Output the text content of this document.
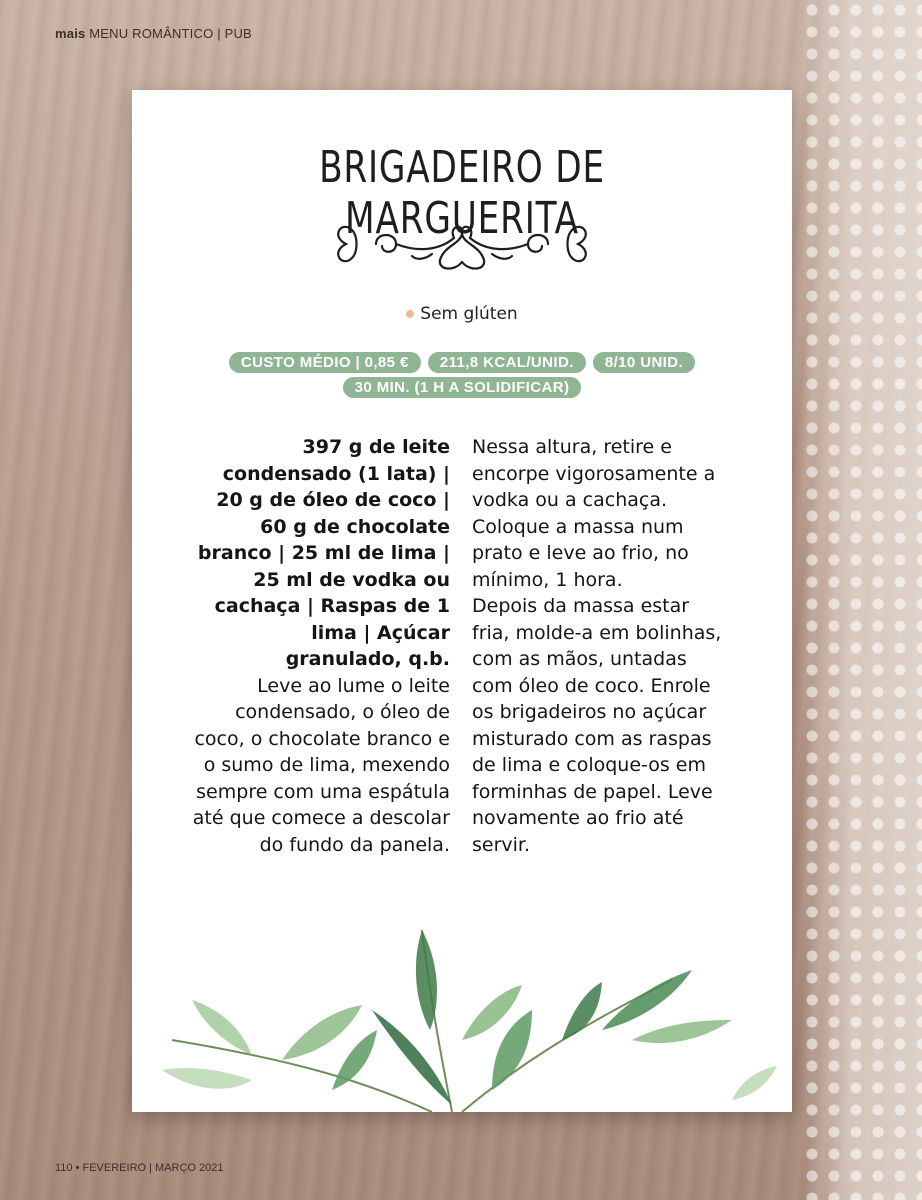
mais MENU ROMÂNTICO | PUB
BRIGADEIRO DE MARGUERITA
Sem glúten
CUSTO MÉDIO | 0,85 € 211,8 KCAL/UNID. 8/10 UNID.
30 MIN. (1 H A SOLIDIFICAR)

397 g de leite condensado (1 lata) | 20 g de óleo de coco | 60 g de chocolate branco | 25 ml de lima | 25 ml de vodka ou cachaça | Raspas de 1 lima | Açúcar granulado, q.b.

Leve ao lume o leite condensado, o óleo de coco, o chocolate branco e o sumo de lima, mexendo sempre com uma espátula até que comece a descolar do fundo da panela.

Nessa altura, retire e encorpe vigorosamente a vodka ou a cachaça. Coloque a massa num prato e leve ao frio, no mínimo, 1 hora.

Depois da massa estar fria, molde-a em bolinhas, com as mãos, untadas com óleo de coco. Enrole os brigadeiros no açúcar misturado com as raspas de lima e coloque-os em forminhas de papel. Leve novamente ao frio até servir.

110 • FEVEREIRO | MARÇO 2021
